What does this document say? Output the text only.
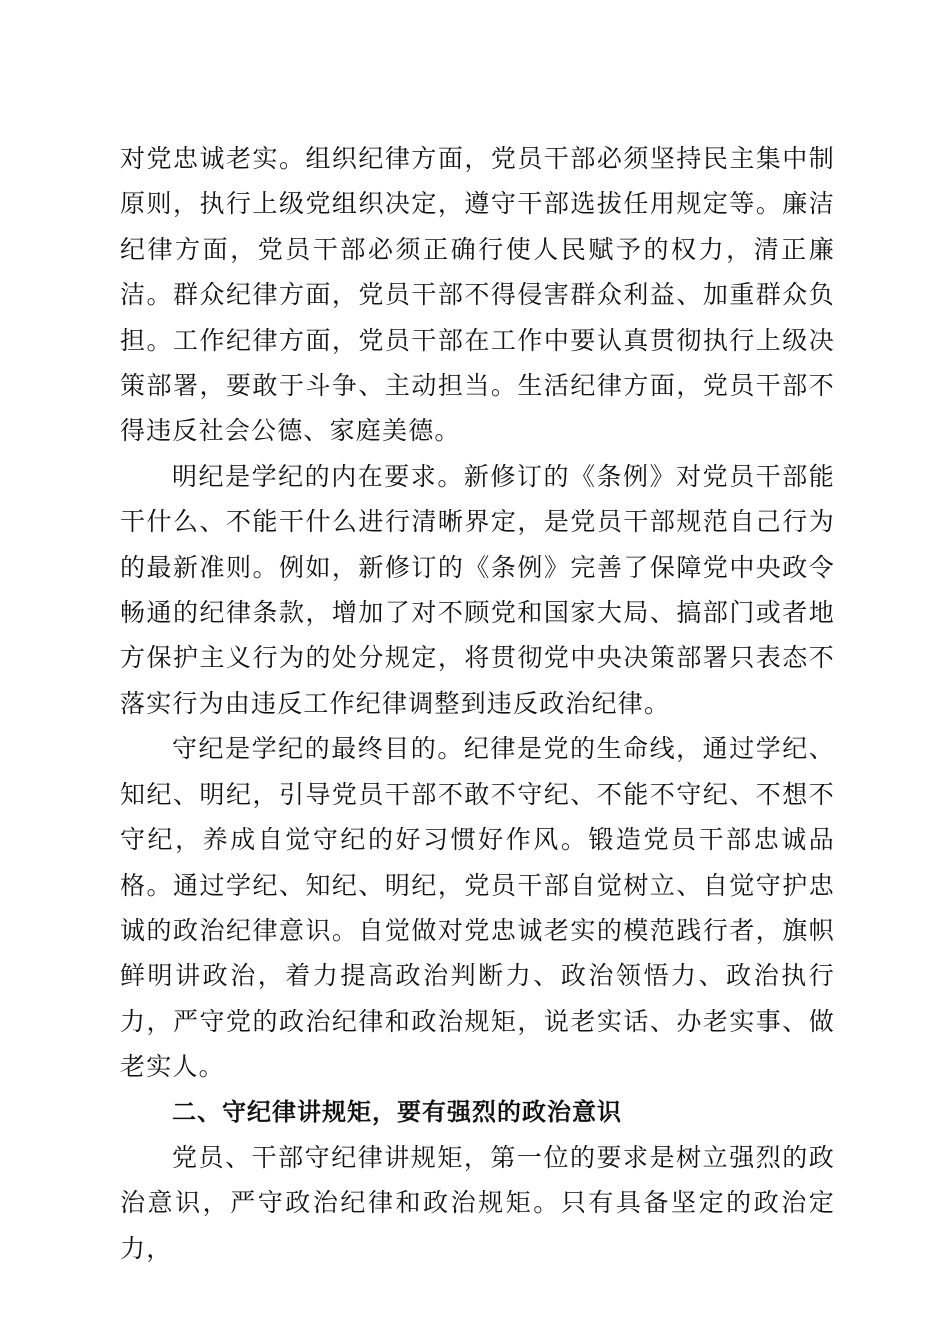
对党忠诚老实。组织纪律方面，党员干部必须坚持民主集中制原则，执行上级党组织决定，遵守干部选拔任用规定等。廉洁纪律方面，党员干部必须正确行使人民赋予的权力，清正廉洁。群众纪律方面，党员干部不得侵害群众利益、加重群众负担。工作纪律方面，党员干部在工作中要认真贯彻执行上级决策部署，要敢于斗争、主动担当。生活纪律方面，党员干部不得违反社会公德、家庭美德。

明纪是学纪的内在要求。新修订的《条例》对党员干部能干什么、不能干什么进行清晰界定，是党员干部规范自己行为的最新准则。例如，新修订的《条例》完善了保障党中央政令畅通的纪律条款，增加了对不顾党和国家大局、搞部门或者地方保护主义行为的处分规定，将贯彻党中央决策部署只表态不落实行为由违反工作纪律调整到违反政治纪律。

守纪是学纪的最终目的。纪律是党的生命线，通过学纪、知纪、明纪，引导党员干部不敢不守纪、不能不守纪、不想不守纪，养成自觉守纪的好习惯好作风。锻造党员干部忠诚品格。通过学纪、知纪、明纪，党员干部自觉树立、自觉守护忠诚的政治纪律意识。自觉做对党忠诚老实的模范践行者，旗帜鲜明讲政治，着力提高政治判断力、政治领悟力、政治执行力，严守党的政治纪律和政治规矩，说老实话、办老实事、做老实人。

二、守纪律讲规矩，要有强烈的政治意识

党员、干部守纪律讲规矩，第一位的要求是树立强烈的政治意识，严守政治纪律和政治规矩。只有具备坚定的政治定力，
